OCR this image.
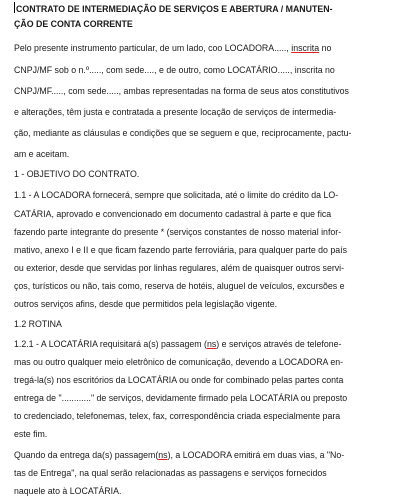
CONTRATO DE INTERMEDIAÇÃO DE SERVIÇOS E ABERTURA / MANUTEN-
ÇÃO DE CONTA CORRENTE
Pelo presente instrumento particular, de um lado, coo LOCADORA....., inscrita no
CNPJ/MF sob o n.º....., com sede...., e de outro, como LOCATÁRIO....., inscrita no
CNPJ/MF....., com sede....., ambas representadas na forma de seus atos constitutivos
e alterações, têm justa e contratada a presente locação de serviços de intermedia-
ção, mediante as cláusulas e condições que se seguem e que, reciprocamente, pactu-
am e aceitam.
1 - OBJETIVO DO CONTRATO.
1.1 - A LOCADORA fornecerá, sempre que solicitada, até o limite do crédito da LO-
CATÁRIA, aprovado e convencionado em documento cadastral à parte e que fica
fazendo parte integrante do presente * (serviços constantes de nosso material infor-
mativo, anexo I e II e que ficam fazendo parte ferroviária, para qualquer parte do país
ou exterior, desde que servidas por linhas regulares, além de quaisquer outros servi-
ços, turísticos ou não, tais como, reserva de hotéis, aluguel de veículos, excursões e
outros serviços afins, desde que permitidos pela legislação vigente.
1.2 ROTINA
1.2.1 - A LOCATÁRIA requisitará a(s) passagem (ns) e serviços através de telefone-
mas ou outro qualquer meio eletrônico de comunicação, devendo a LOCADORA en-
tregá-la(s) nos escritórios da LOCATÁRIA ou onde for combinado pelas partes conta
entrega de "............" de serviços, devidamente firmado pela LOCATÁRIA ou preposto
to credenciado, telefonemas, telex, fax, correspondência criada especialmente para
este fim.
Quando da entrega da(s) passagem(ns), a LOCADORA emitirá em duas vias, a "No-
tas de Entrega", na qual serão relacionadas as passagens e serviços fornecidos
naquele ato à LOCATÁRIA.
